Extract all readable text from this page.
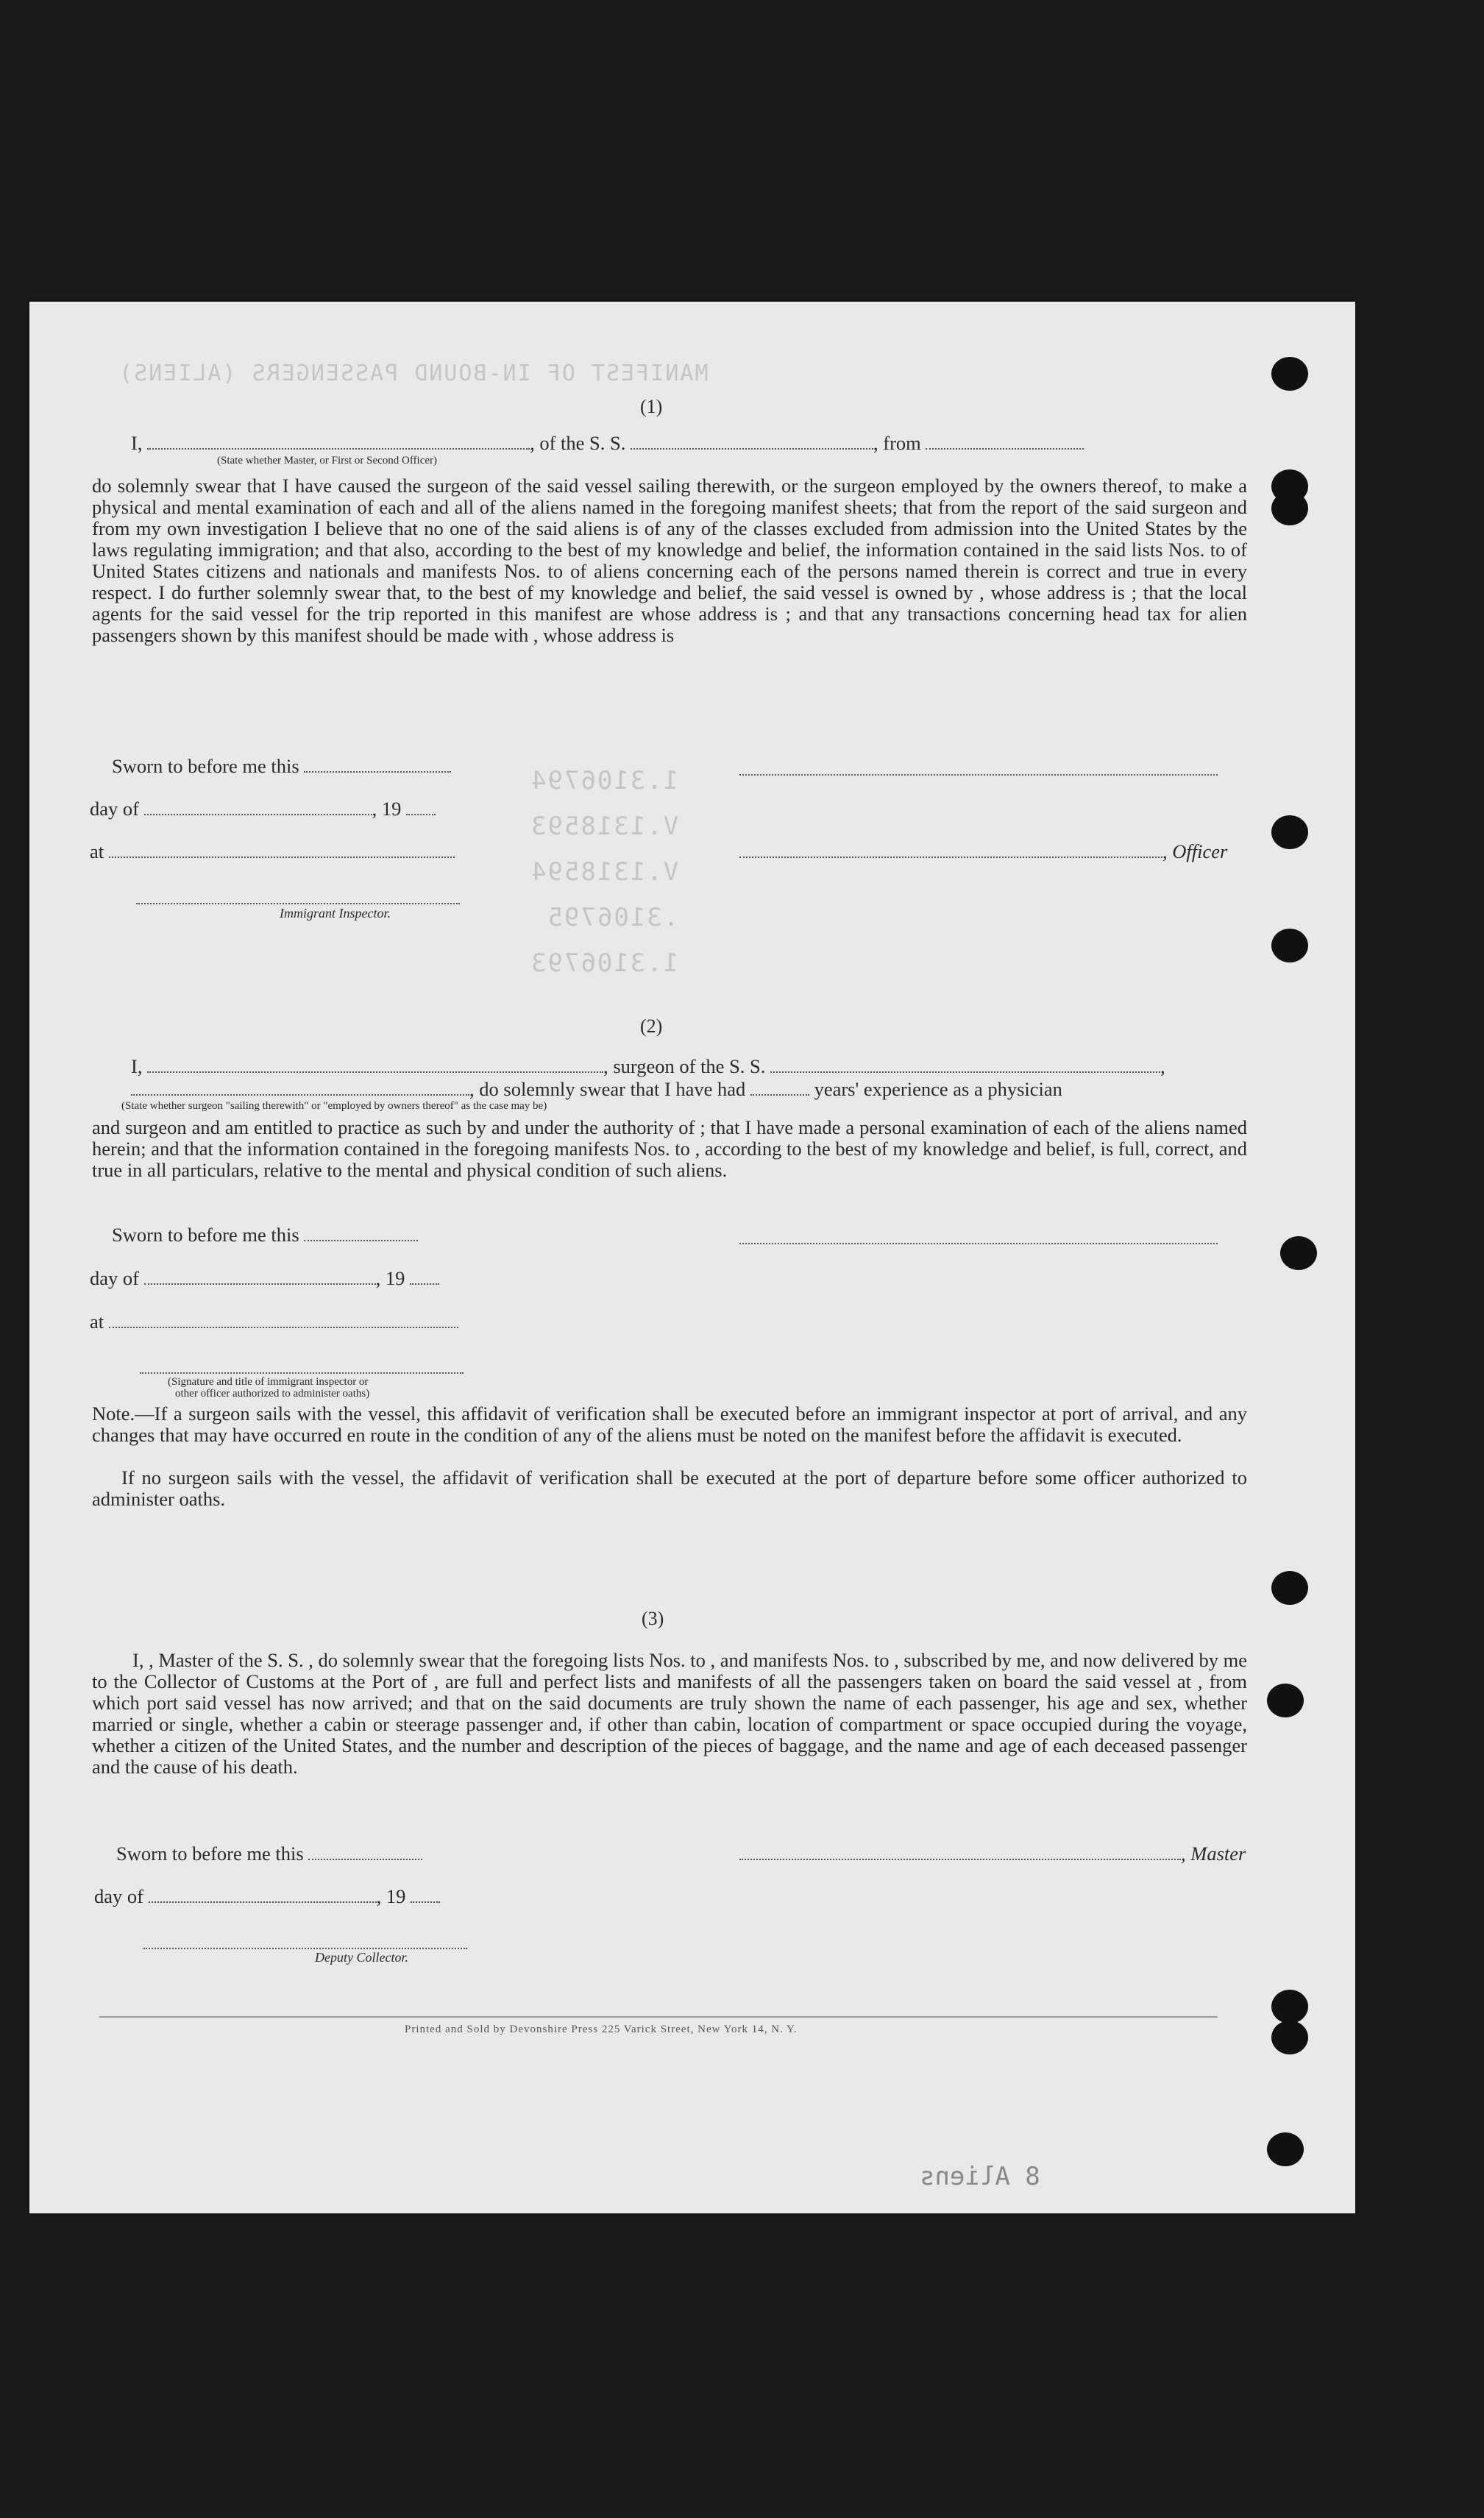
MANIFEST OF IN-BOUND PASSENGERS (ALIENS)
1.3106794
V.1318593
V.1318594
.3106795
1.3106793
(1)
I,	, of the S. S.	, from
(State whether Master, or First or Second Officer)
do solemnly swear that I have caused the surgeon of the said vessel sailing therewith, or the surgeon employed by the owners thereof, to make a physical and mental examination of each and all of the aliens named in the foregoing manifest sheets; that from the report of the said surgeon and from my own investigation I believe that no one of the said aliens is of any of the classes excluded from admission into the United States by the laws regulating immigration; and that also, according to the best of my knowledge and belief, the information contained in the said lists Nos. to of United States citizens and nationals and manifests Nos. to of aliens concerning each of the persons named therein is correct and true in every respect. I do further solemnly swear that, to the best of my knowledge and belief, the said vessel is owned by , whose address is ; that the local agents for the said vessel for the trip reported in this manifest are whose address is ; and that any transactions concerning head tax for alien passengers shown by this manifest should be made with , whose address is
Sworn to before me this
day of	, 19
at	, Officer
Immigrant Inspector.
(2)
I,	, surgeon of the S. S.	,
, do solemnly swear that I have had	years' experience as a physician
(State whether surgeon "sailing therewith" or "employed by owners thereof" as the case may be)
and surgeon and am entitled to practice as such by and under the authority of ; that I have made a personal examination of each of the aliens named herein; and that the information contained in the foregoing manifests Nos. to , according to the best of my knowledge and belief, is full, correct, and true in all particulars, relative to the mental and physical condition of such aliens.
Sworn to before me this
day of	, 19
at
(Signature and title of immigrant inspector or
other officer authorized to administer oaths)
Note.—If a surgeon sails with the vessel, this affidavit of verification shall be executed before an immigrant inspector at port of arrival, and any changes that may have occurred en route in the condition of any of the aliens must be noted on the manifest before the affidavit is executed.
If no surgeon sails with the vessel, the affidavit of verification shall be executed at the port of departure before some officer authorized to administer oaths.
(3)
I, , Master of the S. S. , do solemnly swear that the foregoing lists Nos. to , and manifests Nos. to , subscribed by me, and now delivered by me to the Collector of Customs at the Port of , are full and perfect lists and manifests of all the passengers taken on board the said vessel at , from which port said vessel has now arrived; and that on the said documents are truly shown the name of each passenger, his age and sex, whether married or single, whether a cabin or steerage passenger and, if other than cabin, location of compartment or space occupied during the voyage, whether a citizen of the United States, and the number and description of the pieces of baggage, and the name and age of each deceased passenger and the cause of his death.
Sworn to before me this	, Master
day of	, 19
Deputy Collector.
Printed and Sold by Devonshire Press 225 Varick Street, New York 14, N. Y.
8 Aliens
